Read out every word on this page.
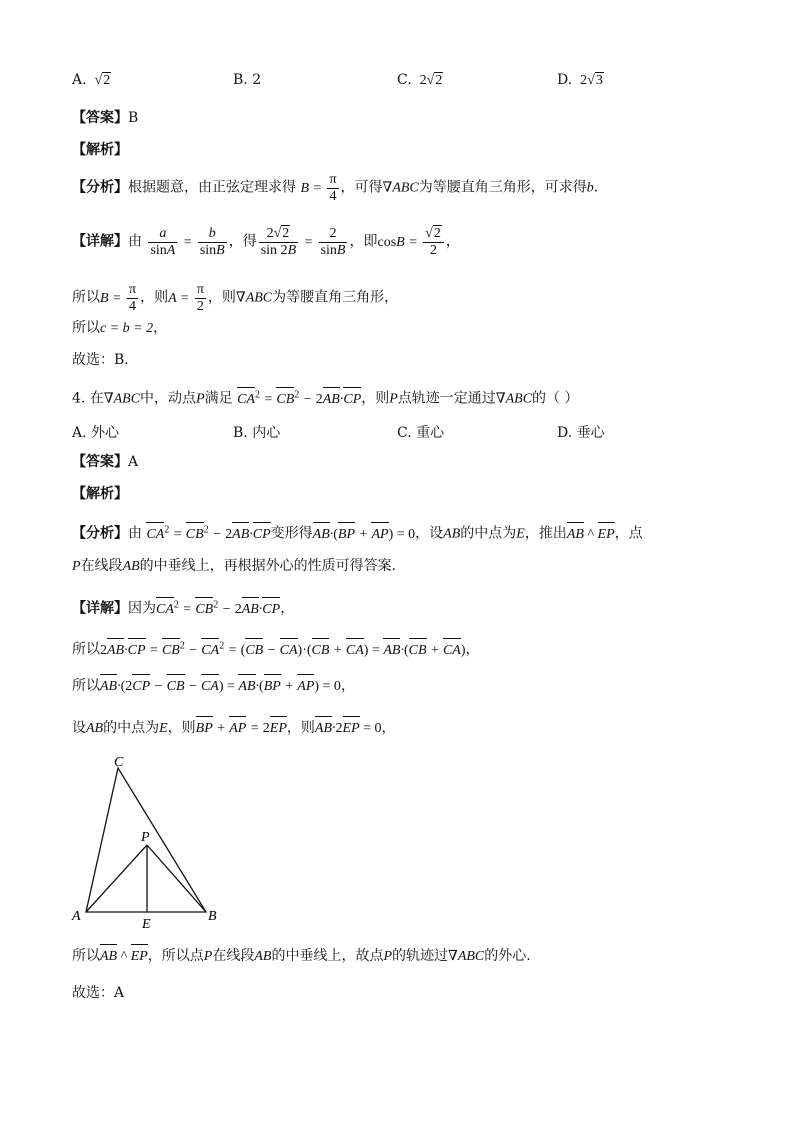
A.  √2	B. 2	C. 2√2	D. 2√3
【答案】B
【解析】
【分析】根据题意，由正弦定理求得 $B = \frac{\pi}{4}$ ，可得∇ABC为等腰直角三角形，可求得b.
【详解】由 $\frac{a}{\sin A} = \frac{b}{\sin B}$ ，得 $\frac{2√2}{\sin 2B} = \frac{2}{\sin B}$ ，即$\cos B = \frac{√2}{2}$ ，
所以$B = \frac{\pi}{4}$ ，则$A = \frac{\pi}{2}$ ，则∇ABC为等腰直角三角形，
所以c = b = 2，
故选：B．
4. 在∇ABC中，动点P满足 $CA^2 = CB^2 - 2AB\cdot CP$，则P点轨迹一定通过∇ABC的（ ）
A. 外心	B. 内心	C. 重心	D. 垂心
【答案】A
【解析】
【分析】由 $CA^2 = CB^2 - 2AB\cdot CP$变形得AB·(BP + AP) = 0，设AB的中点为E，推出AB ^ EP，点
P在线段AB的中垂线上，再根据外心的性质可得答案.
【详解】因为$CA^2 = CB^2 - 2AB\cdot CP$，
所以$2AB\cdot CP = CB^2 - CA^2 = (CB - CA)\cdot(CB + CA) = AB\cdot(CB + CA)$，
所以AB·(2CP − CB − CA) = AB·(BP + AP) = 0，
设AB的中点为E，则BP + AP = 2EP，则AB·2EP = 0，
C
P
A
E
B
所以AB ^ EP，所以点P在线段AB的中垂线上，故点P的轨迹过∇ABC的外心.
故选：A
